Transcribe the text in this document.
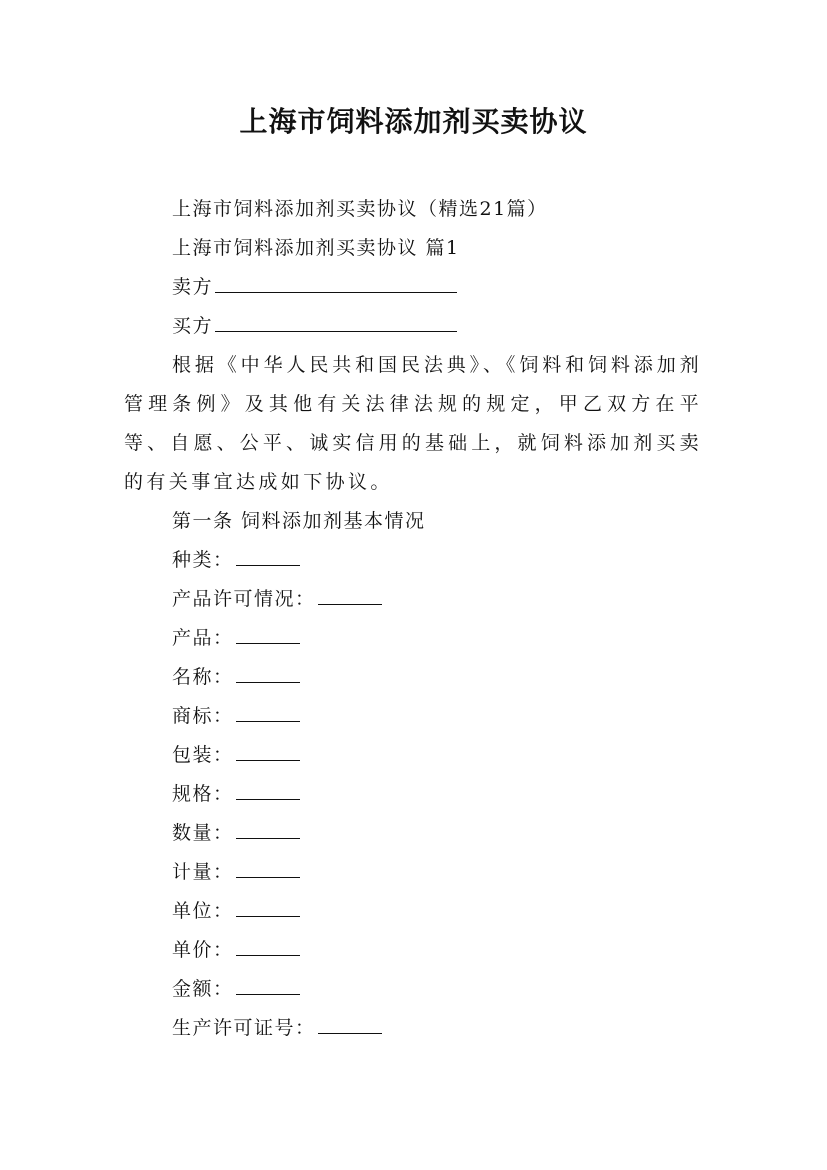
上海市饲料添加剂买卖协议

上海市饲料添加剂买卖协议（精选21篇）

上海市饲料添加剂买卖协议 篇1

卖方

买方

根据《中华人民共和国民法典》、《饲料和饲料添加剂管理条例》及其他有关法律法规的规定，甲乙双方在平等、自愿、公平、诚实信用的基础上，就饲料添加剂买卖的有关事宜达成如下协议。

第一条 饲料添加剂基本情况

种类：

产品许可情况：

产品：

名称：

商标：

包装：

规格：

数量：

计量：

单位：

单价：

金额：

生产许可证号：
